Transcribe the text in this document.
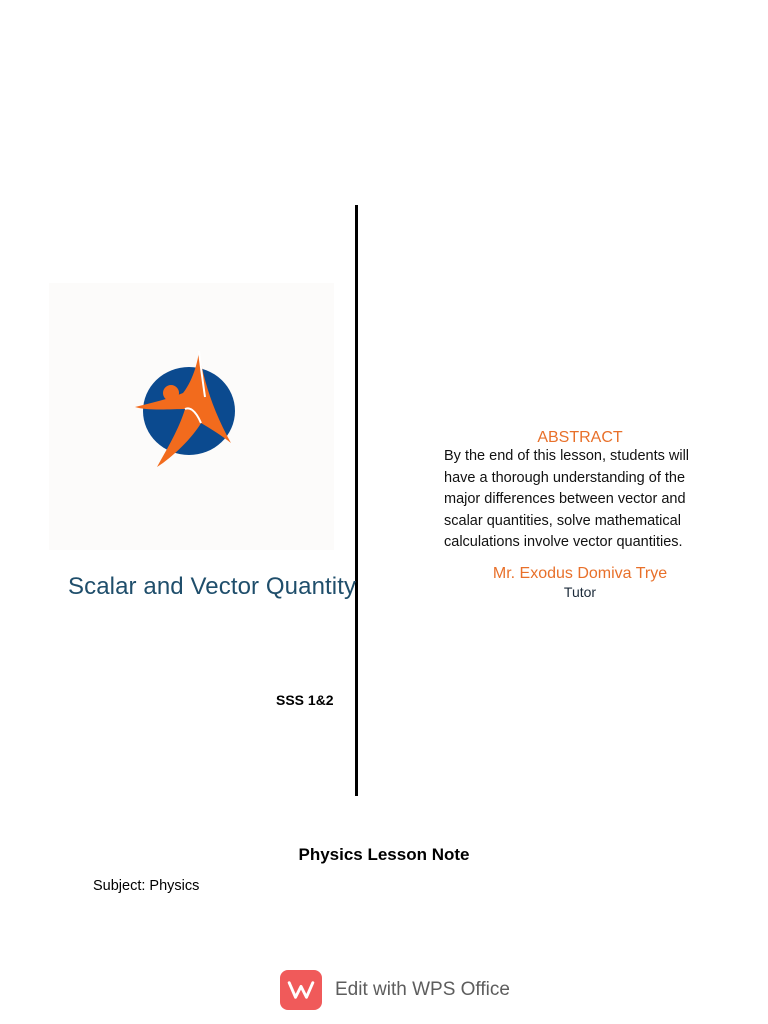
Scalar and Vector Quantity
SSS 1&2
ABSTRACT
By the end of this lesson, students will have a thorough understanding of the major differences between vector and scalar quantities, solve mathematical calculations involve vector quantities.
Mr. Exodus Domiva Trye
Tutor
Physics Lesson Note
Subject: Physics
Edit with WPS Office
